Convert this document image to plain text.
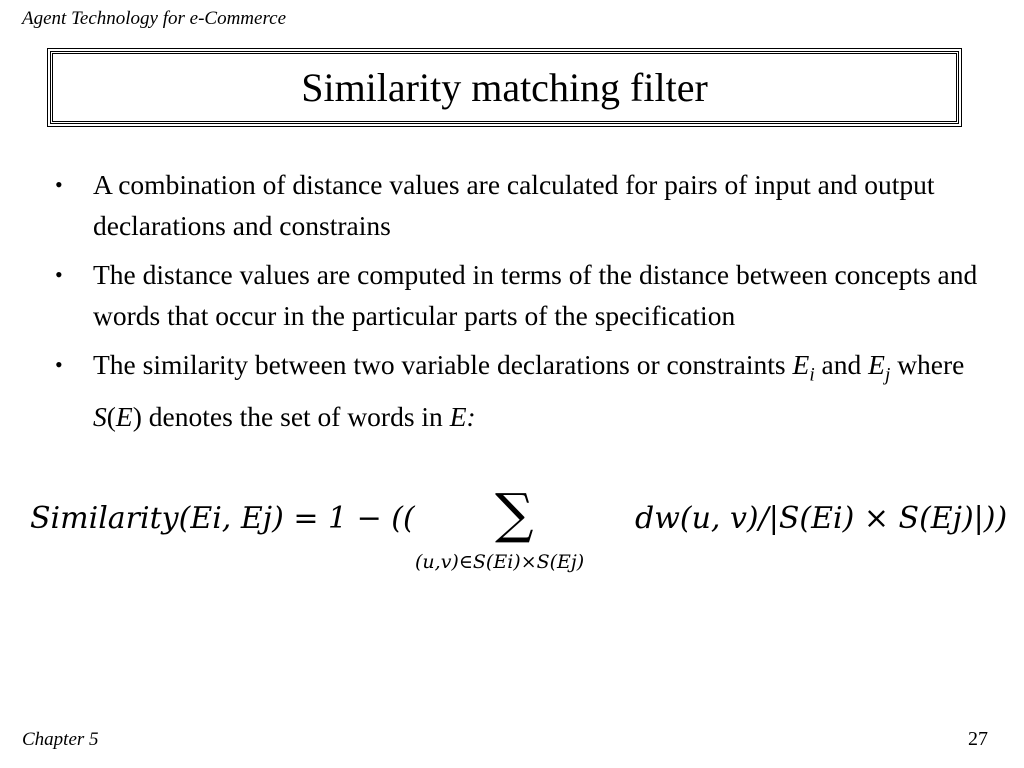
Agent Technology for e-Commerce
Similarity matching filter
• A combination of distance values are calculated for pairs of input and output declarations and constrains
• The distance values are computed in terms of the distance between concepts and words that occur in the particular parts of the specification
• The similarity between two variable declarations or constraints $E_i$ and $E_j$ where S(E) denotes the set of words in E:
Similarity(Ei, Ej) = 1 − (( ∑
(u,v)∈S(Ei)×S(Ej)
dw(u, v)/|S(Ei) × S(Ej)|))
Chapter 5	27
